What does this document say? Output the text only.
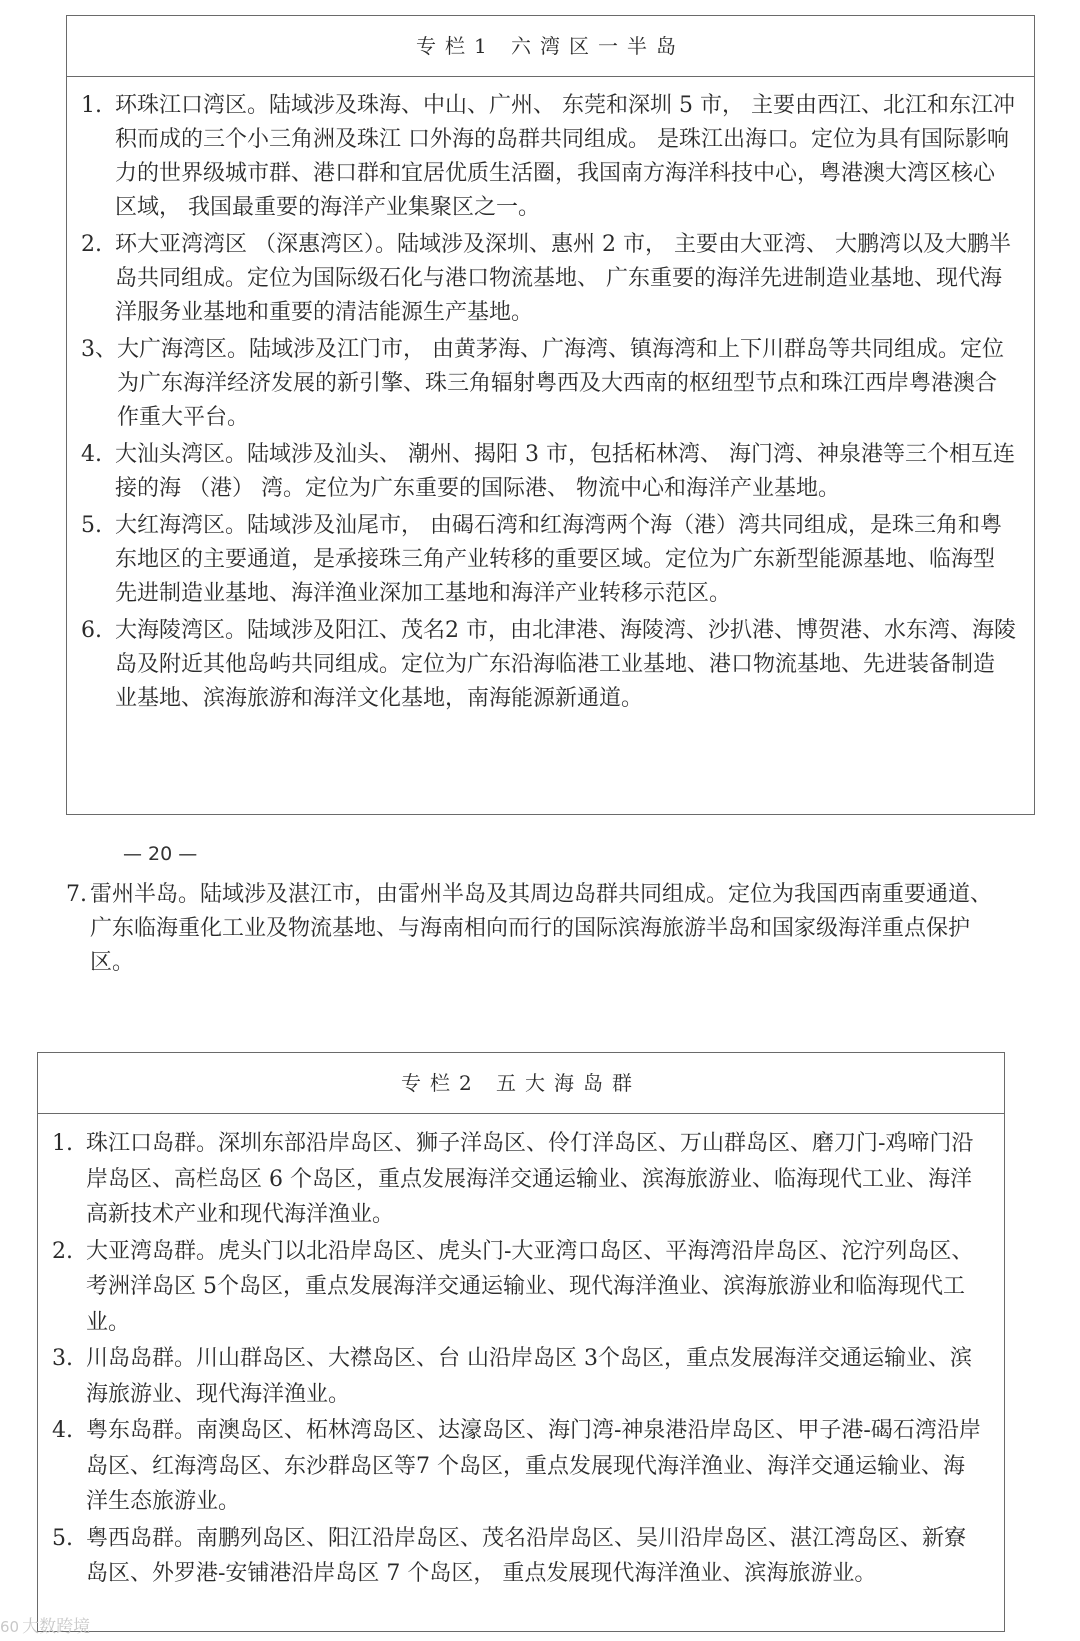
专栏1 六湾区一半岛
1. 环珠江口湾区。陆域涉及珠海、中山、广州、 东莞和深圳 5 市， 主要由西江、北江和东江冲积而成的三个小三角洲及珠江 口外海的岛群共同组成。 是珠江出海口。定位为具有国际影响力的世界级城市群、港口群和宜居优质生活圈，我国南方海洋科技中心，粤港澳大湾区核心区域， 我国最重要的海洋产业集聚区之一。
2. 环大亚湾湾区 （深惠湾区）。陆域涉及深圳、惠州 2 市， 主要由大亚湾、 大鹏湾以及大鹏半岛共同组成。定位为国际级石化与港口物流基地、 广东重要的海洋先进制造业基地、现代海洋服务业基地和重要的清洁能源生产基地。
3、 大广海湾区。陆域涉及江门市， 由黄茅海、广海湾、镇海湾和上下川群岛等共同组成。定位为广东海洋经济发展的新引擎、珠三角辐射粤西及大西南的枢纽型节点和珠江西岸粤港澳合作重大平台。
4. 大汕头湾区。陆域涉及汕头、 潮州、揭阳 3 市，包括柘林湾、 海门湾、神泉港等三个相互连接的海 （港） 湾。定位为广东重要的国际港、 物流中心和海洋产业基地。
5. 大红海湾区。陆域涉及汕尾市， 由碣石湾和红海湾两个海（港）湾共同组成，是珠三角和粤东地区的主要通道，是承接珠三角产业转移的重要区域。定位为广东新型能源基地、临海型先进制造业基地、海洋渔业深加工基地和海洋产业转移示范区。
6. 大海陵湾区。陆域涉及阳江、茂名2 市，由北津港、海陵湾、沙扒港、博贺港、水东湾、海陵岛及附近其他岛屿共同组成。定位为广东沿海临港工业基地、港口物流基地、先进装备制造业基地、滨海旅游和海洋文化基地，南海能源新通道。
— 20 —
7. 雷州半岛。陆域涉及湛江市，由雷州半岛及其周边岛群共同组成。定位为我国西南重要通道、广东临海重化工业及物流基地、与海南相向而行的国际滨海旅游半岛和国家级海洋重点保护区。
专栏2 五大海岛群
1. 珠江口岛群。深圳东部沿岸岛区、狮子洋岛区、伶仃洋岛区、万山群岛区、磨刀门-鸡啼门沿岸岛区、高栏岛区 6 个岛区，重点发展海洋交通运输业、滨海旅游业、临海现代工业、海洋高新技术产业和现代海洋渔业。
2. 大亚湾岛群。虎头门以北沿岸岛区、虎头门-大亚湾口岛区、平海湾沿岸岛区、沱泞列岛区、考洲洋岛区 5个岛区，重点发展海洋交通运输业、现代海洋渔业、滨海旅游业和临海现代工业。
3. 川岛岛群。川山群岛区、大襟岛区、台 山沿岸岛区 3个岛区，重点发展海洋交通运输业、滨海旅游业、现代海洋渔业。
4. 粤东岛群。南澳岛区、柘林湾岛区、达濠岛区、海门湾-神泉港沿岸岛区、甲子港-碣石湾沿岸岛区、红海湾岛区、东沙群岛区等7 个岛区，重点发展现代海洋渔业、海洋交通运输业、海洋生态旅游业。
5. 粤西岛群。南鹏列岛区、阳江沿岸岛区、茂名沿岸岛区、吴川沿岸岛区、湛江湾岛区、新寮岛区、外罗港-安铺港沿岸岛区 7 个岛区， 重点发展现代海洋渔业、滨海旅游业。
60 大数跨境
